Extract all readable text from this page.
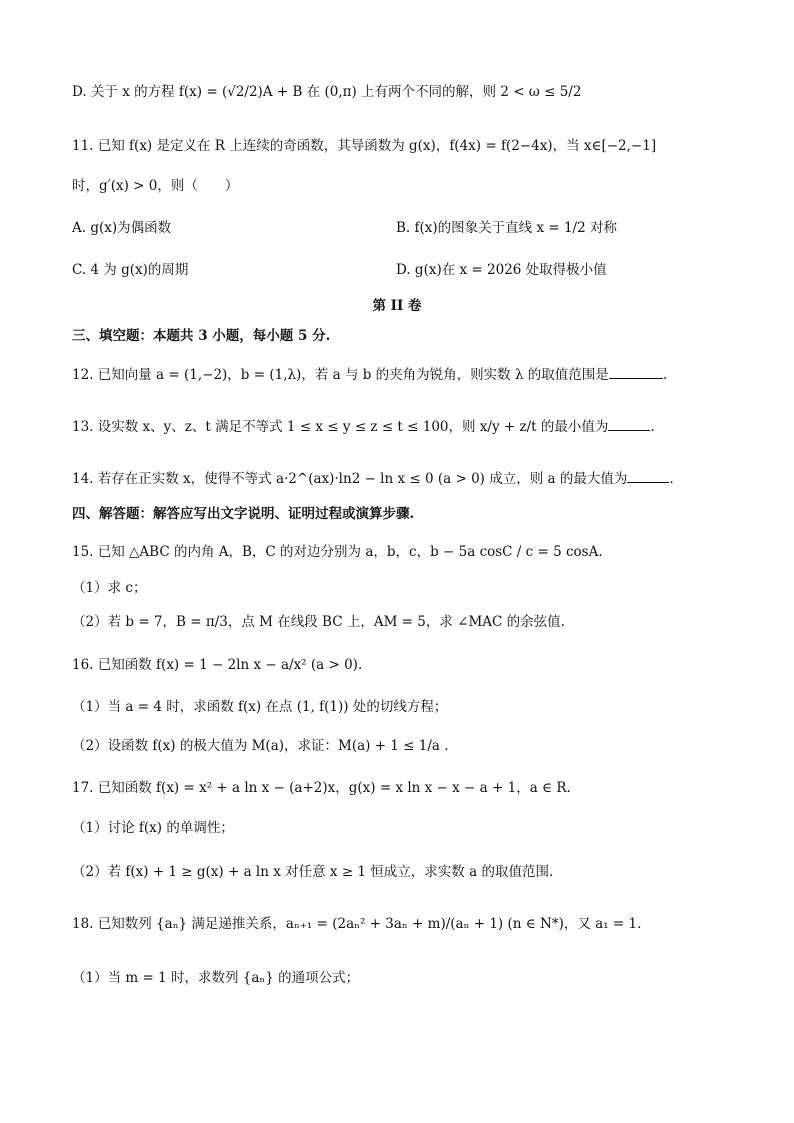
D. 关于 x 的方程 f(x) = (√2/2)A + B 在 (0,π) 上有两个不同的解，则 2 < ω ≤ 5/2
11. 已知 f(x) 是定义在 R 上连续的奇函数，其导函数为 g(x)，f(4x) = f(2−4x)，当 x∈[−2,−1]
时，g′(x) > 0，则（　　）
A. g(x)为偶函数	B. f(x)的图象关于直线 x = 1/2 对称
C. 4 为 g(x)的周期	D. g(x)在 x = 2026 处取得极小值
第 II 卷
三、填空题：本题共 3 小题，每小题 5 分.
12. 已知向量 a = (1,−2)，b = (1,λ)，若 a 与 b 的夹角为锐角，则实数 λ 的取值范围是	.
13. 设实数 x、y、z、t 满足不等式 1 ≤ x ≤ y ≤ z ≤ t ≤ 100，则 x/y + z/t 的最小值为	.
14. 若存在正实数 x，使得不等式 a·2^(ax)·ln2 − ln x ≤ 0 (a > 0) 成立，则 a 的最大值为	.
四、解答题：解答应写出文字说明、证明过程或演算步骤.
15. 已知 △ABC 的内角 A，B，C 的对边分别为 a，b，c，b − 5a cosC / c = 5 cosA.
（1）求 c；
（2）若 b = 7，B = π/3，点 M 在线段 BC 上，AM = 5，求 ∠MAC 的余弦值.
16. 已知函数 f(x) = 1 − 2ln x − a/x² (a > 0).
（1）当 a = 4 时，求函数 f(x) 在点 (1, f(1)) 处的切线方程；
（2）设函数 f(x) 的极大值为 M(a)，求证：M(a) + 1 ≤ 1/a .
17. 已知函数 f(x) = x² + a ln x − (a+2)x，g(x) = x ln x − x − a + 1，a ∈ R.
（1）讨论 f(x) 的单调性；
（2）若 f(x) + 1 ≥ g(x) + a ln x 对任意 x ≥ 1 恒成立，求实数 a 的取值范围.
18. 已知数列 {aₙ} 满足递推关系，aₙ₊₁ = (2aₙ² + 3aₙ + m)/(aₙ + 1) (n ∈ N*)，又 a₁ = 1.
（1）当 m = 1 时，求数列 {aₙ} 的通项公式；
